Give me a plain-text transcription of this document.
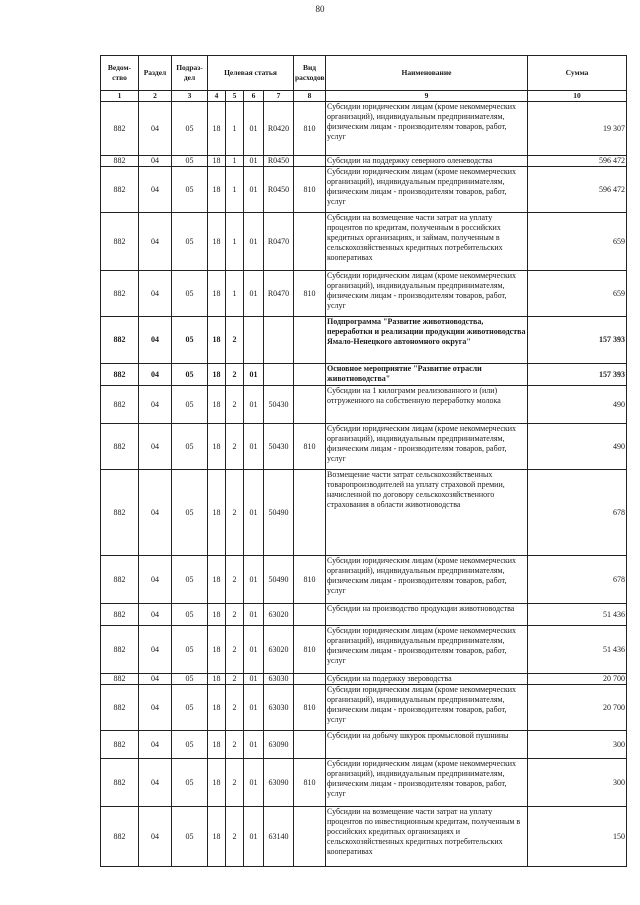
80
Ведом-ство	Раздел	Подраз-дел	Целевая статья				Вид расходов	Наименование	Сумма
1	2	3	4	5	6	7	8	9	10
882	04	05	18	1	01	R0420	810	Субсидии юридическим лицам (кроме некоммерческих организаций), индивидуальным предпринимателям, физическим лицам - производителям товаров, работ, услуг	19 307
882	04	05	18	1	01	R0450		Субсидии на поддержку северного оленеводства	596 472
882	04	05	18	1	01	R0450	810	Субсидии юридическим лицам (кроме некоммерческих организаций), индивидуальным предпринимателям, физическим лицам - производителям товаров, работ, услуг	596 472
882	04	05	18	1	01	R0470		Субсидии на возмещение части затрат на уплату процентов по кредитам, полученным в российских кредитных организациях, и займам, полученным в сельскохозяйственных кредитных потребительских кооперативах	659
882	04	05	18	1	01	R0470	810	Субсидии юридическим лицам (кроме некоммерческих организаций), индивидуальным предпринимателям, физическим лицам - производителям товаров, работ, услуг	659
882	04	05	18	2				Подпрограмма "Развитие животноводства, переработки и реализации продукции животноводства Ямало-Ненецкого автономного округа"	157 393
882	04	05	18	2	01			Основное мероприятие "Развитие отрасли животноводства"	157 393
882	04	05	18	2	01	50430		Субсидии на 1 килограмм реализованного и (или) отгруженного на собственную переработку молока	490
882	04	05	18	2	01	50430	810	Субсидии юридическим лицам (кроме некоммерческих организаций), индивидуальным предпринимателям, физическим лицам - производителям товаров, работ, услуг	490
882	04	05	18	2	01	50490		Возмещение части затрат сельскохозяйственных товаропроизводителей на уплату страховой премии, начисленной по договору сельскохозяйственного страхования в области животноводства	678
882	04	05	18	2	01	50490	810	Субсидии юридическим лицам (кроме некоммерческих организаций), индивидуальным предпринимателям, физическим лицам - производителям товаров, работ, услуг	678
882	04	05	18	2	01	63020		Субсидии на производство продукции животноводства	51 436
882	04	05	18	2	01	63020	810	Субсидии юридическим лицам (кроме некоммерческих организаций), индивидуальным предпринимателям, физическим лицам - производителям товаров, работ, услуг	51 436
882	04	05	18	2	01	63030		Субсидии на подержку звероводства	20 700
882	04	05	18	2	01	63030	810	Субсидии юридическим лицам (кроме некоммерческих организаций), индивидуальным предпринимателям, физическим лицам - производителям товаров, работ, услуг	20 700
882	04	05	18	2	01	63090		Субсидии на добычу шкурок промысловой пушнины	300
882	04	05	18	2	01	63090	810	Субсидии юридическим лицам (кроме некоммерческих организаций), индивидуальным предпринимателям, физическим лицам - производителям товаров, работ, услуг	300
882	04	05	18	2	01	63140		Субсидии на возмещение части затрат на уплату процентов по инвестиционным кредитам, полученным в российских кредитных организациях и сельскохозяйственных кредитных потребительских кооперативах	150
